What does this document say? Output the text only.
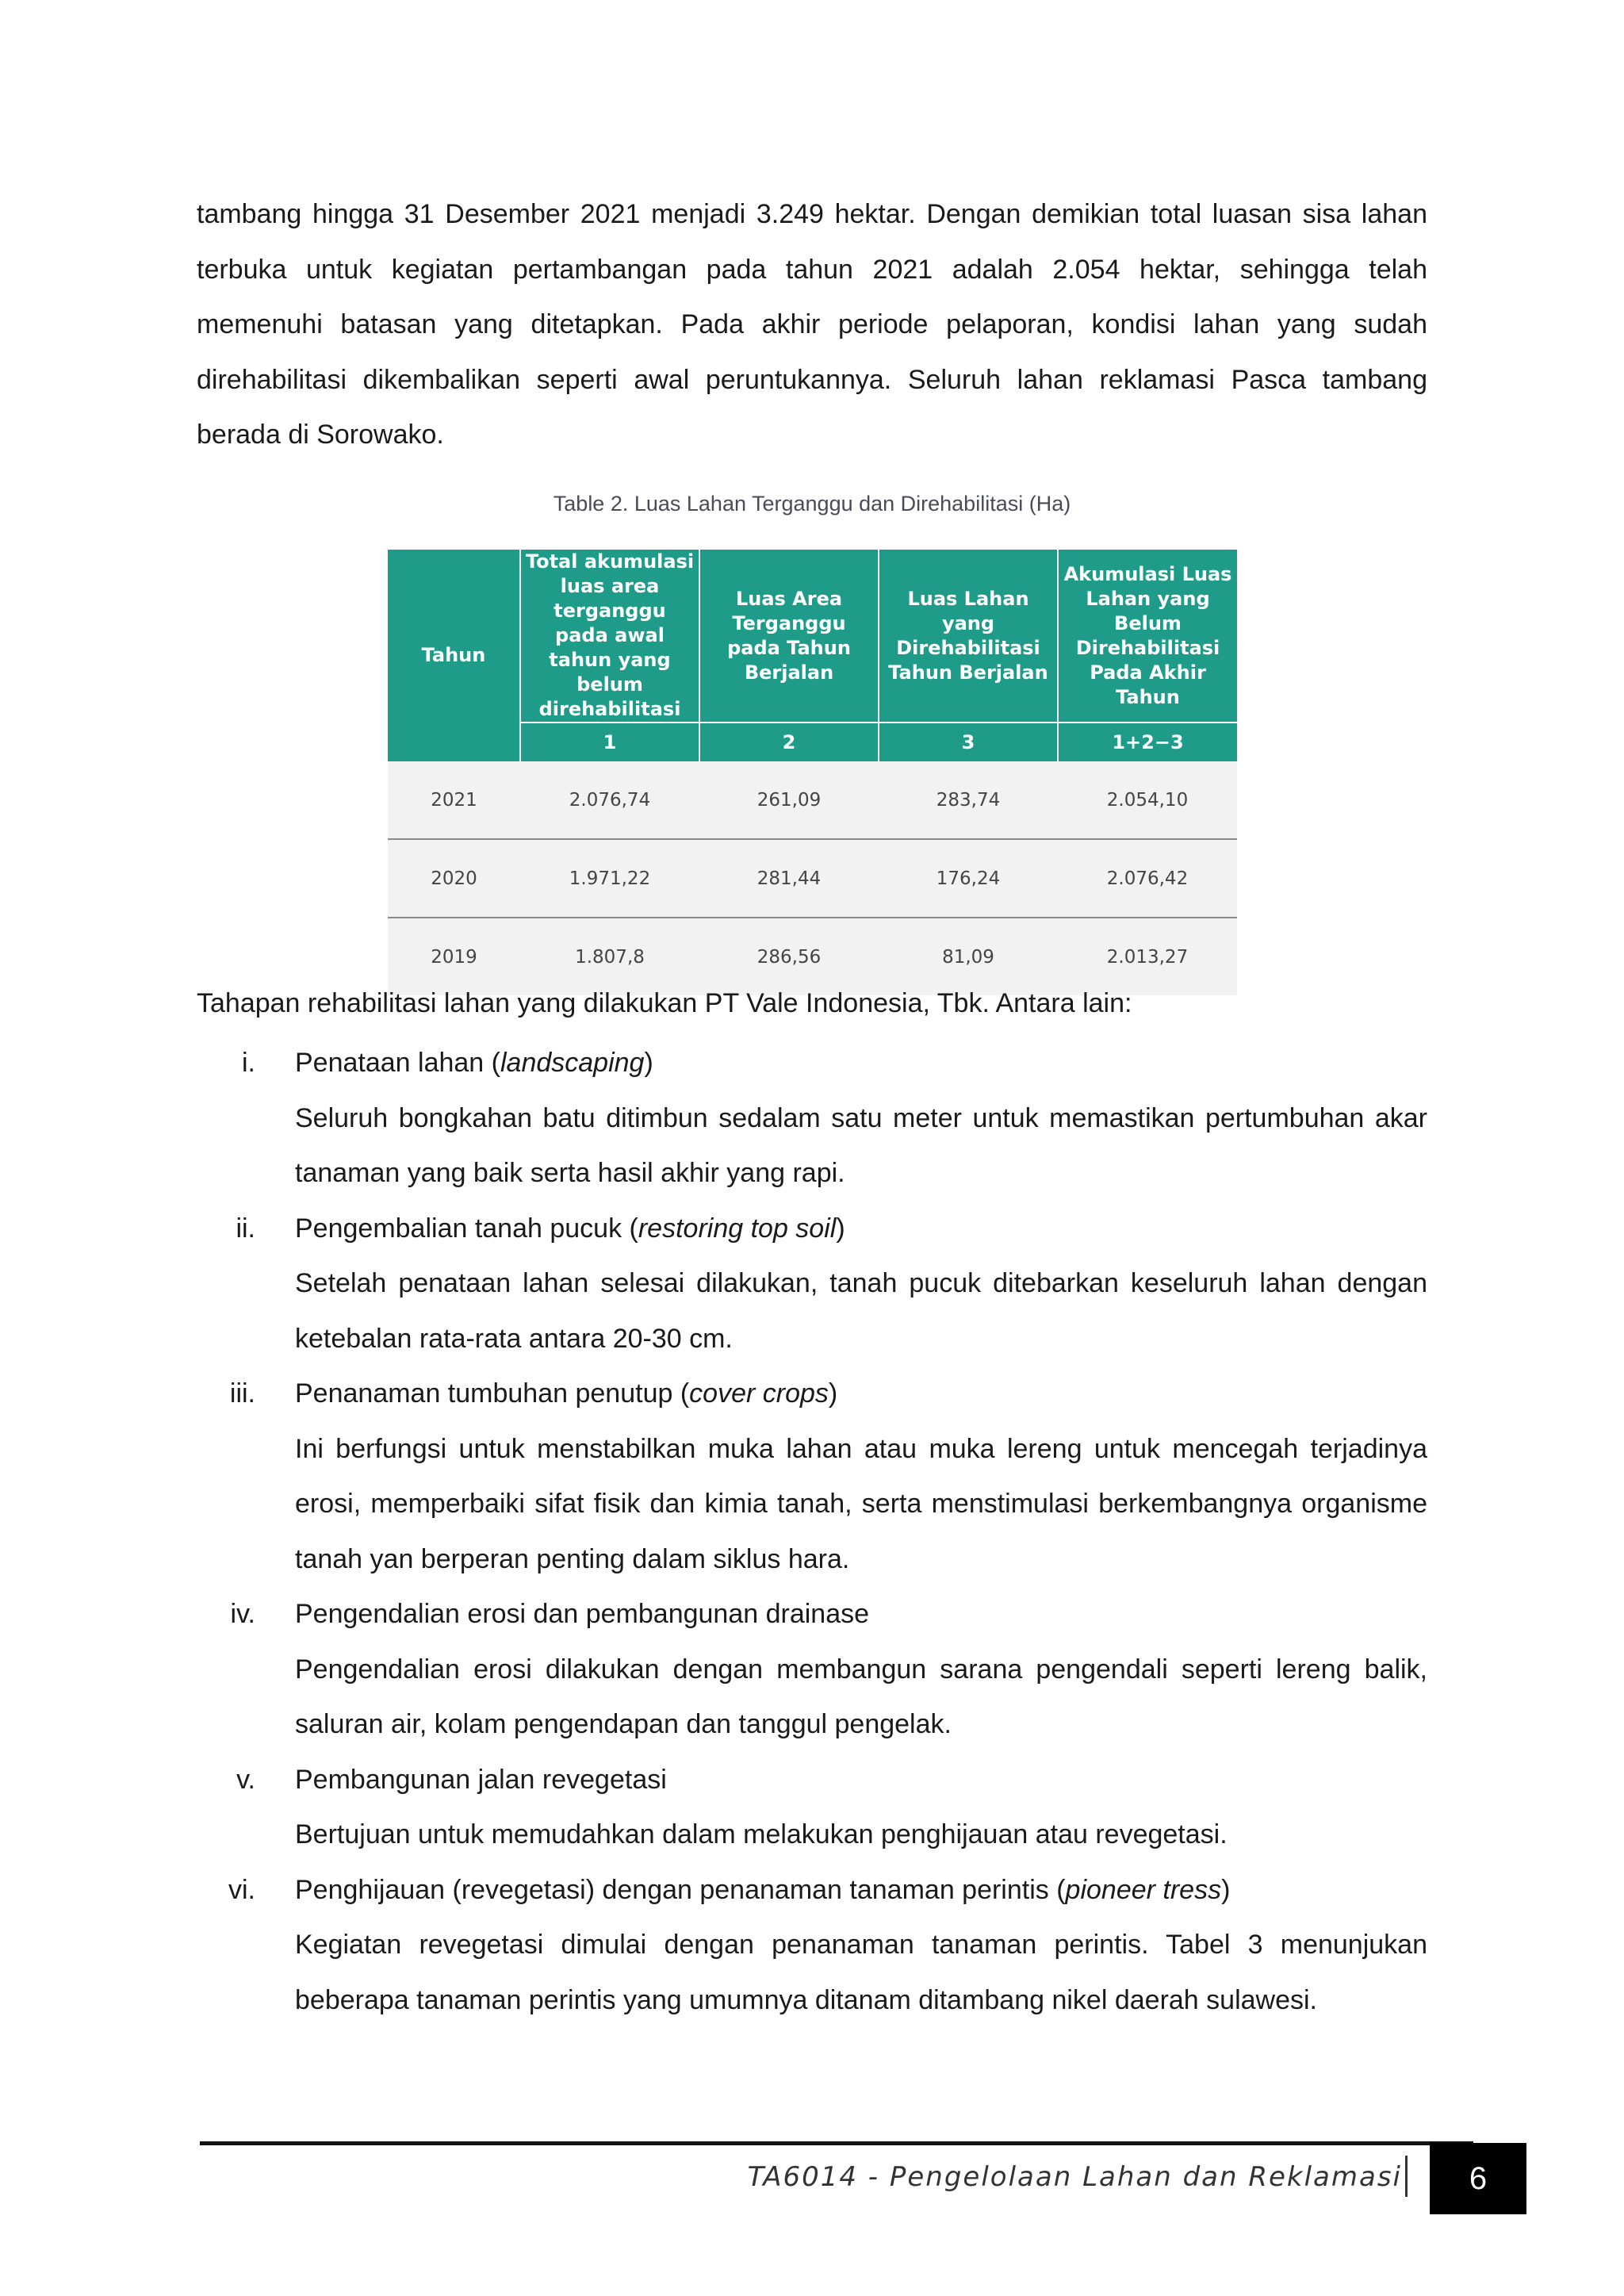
tambang hingga 31 Desember 2021 menjadi 3.249 hektar. Dengan demikian total luasan sisa lahan terbuka untuk kegiatan pertambangan pada tahun 2021 adalah 2.054 hektar, sehingga telah memenuhi batasan yang ditetapkan. Pada akhir periode pelaporan, kondisi lahan yang sudah direhabilitasi dikembalikan seperti awal peruntukannya. Seluruh lahan reklamasi Pasca tambang berada di Sorowako.

Table 2. Luas Lahan Terganggu dan Direhabilitasi (Ha)

Tahun	Total akumulasi luas area terganggu pada awal tahun yang belum direhabilitasi	Luas Area Terganggu pada Tahun Berjalan	Luas Lahan yang Direhabilitasi Tahun Berjalan	Akumulasi Luas Lahan yang Belum Direhabilitasi Pada Akhir Tahun
	1	2	3	1+2−3
2021	2.076,74	261,09	283,74	2.054,10
2020	1.971,22	281,44	176,24	2.076,42
2019	1.807,8	286,56	81,09	2.013,27

Tahapan rehabilitasi lahan yang dilakukan PT Vale Indonesia, Tbk. Antara lain:

i. Penataan lahan (landscaping)
Seluruh bongkahan batu ditimbun sedalam satu meter untuk memastikan pertumbuhan akar tanaman yang baik serta hasil akhir yang rapi.
ii. Pengembalian tanah pucuk (restoring top soil)
Setelah penataan lahan selesai dilakukan, tanah pucuk ditebarkan keseluruh lahan dengan ketebalan rata-rata antara 20-30 cm.
iii. Penanaman tumbuhan penutup (cover crops)
Ini berfungsi untuk menstabilkan muka lahan atau muka lereng untuk mencegah terjadinya erosi, memperbaiki sifat fisik dan kimia tanah, serta menstimulasi berkembangnya organisme tanah yan berperan penting dalam siklus hara.
iv. Pengendalian erosi dan pembangunan drainase
Pengendalian erosi dilakukan dengan membangun sarana pengendali seperti lereng balik, saluran air, kolam pengendapan dan tanggul pengelak.
v. Pembangunan jalan revegetasi
Bertujuan untuk memudahkan dalam melakukan penghijauan atau revegetasi.
vi. Penghijauan (revegetasi) dengan penanaman tanaman perintis (pioneer tress)
Kegiatan revegetasi dimulai dengan penanaman tanaman perintis. Tabel 3 menunjukan beberapa tanaman perintis yang umumnya ditanam ditambang nikel daerah sulawesi.
TA6014 - Pengelolaan Lahan dan Reklamasi	6
